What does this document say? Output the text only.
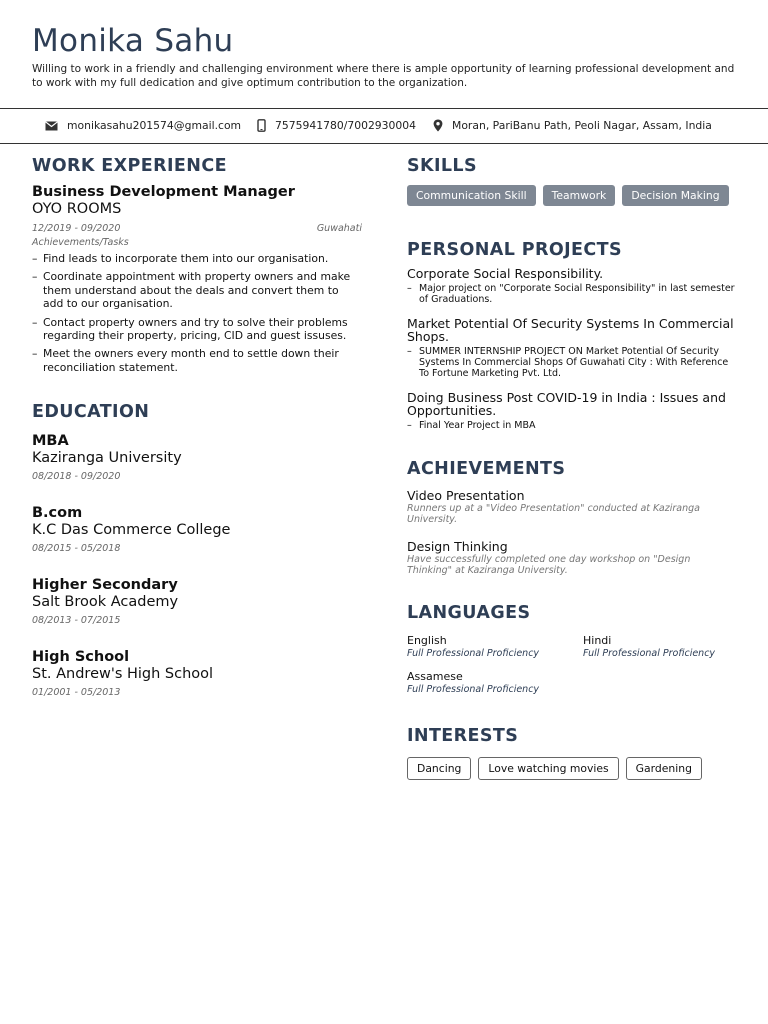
Monika Sahu
Willing to work in a friendly and challenging environment where there is ample opportunity of learning professional development and to work with my full dedication and give optimum contribution to the organization.
monikasahu201574@gmail.com	7575941780/7002930004	Moran, PariBanu Path, Peoli Nagar, Assam, India
WORK EXPERIENCE
Business Development Manager
OYO ROOMS
12/2019 - 09/2020	Guwahati
Achievements/Tasks
– Find leads to incorporate them into our organisation.
– Coordinate appointment with property owners and make them understand about the deals and convert them to add to our organisation.
– Contact property owners and try to solve their problems regarding their property, pricing, CID and guest issuses.
– Meet the owners every month end to settle down their reconciliation statement.
EDUCATION
MBA
Kaziranga University
08/2018 - 09/2020
B.com
K.C Das Commerce College
08/2015 - 05/2018
Higher Secondary
Salt Brook Academy
08/2013 - 07/2015
High School
St. Andrew's High School
01/2001 - 05/2013
SKILLS
Communication Skill	Teamwork	Decision Making
PERSONAL PROJECTS
Corporate Social Responsibility.
– Major project on "Corporate Social Responsibility" in last semester of Graduations.
Market Potential Of Security Systems In Commercial Shops.
– SUMMER INTERNSHIP PROJECT ON Market Potential Of Security Systems In Commercial Shops Of Guwahati City : With Reference To Fortune Marketing Pvt. Ltd.
Doing Business Post COVID-19 in India : Issues and Opportunities.
– Final Year Project in MBA
ACHIEVEMENTS
Video Presentation
Runners up at a "Video Presentation" conducted at Kaziranga University.
Design Thinking
Have successfully completed one day workshop on "Design Thinking" at Kaziranga University.
LANGUAGES
English
Full Professional Proficiency
Hindi
Full Professional Proficiency
Assamese
Full Professional Proficiency
INTERESTS
Dancing	Love watching movies	Gardening
